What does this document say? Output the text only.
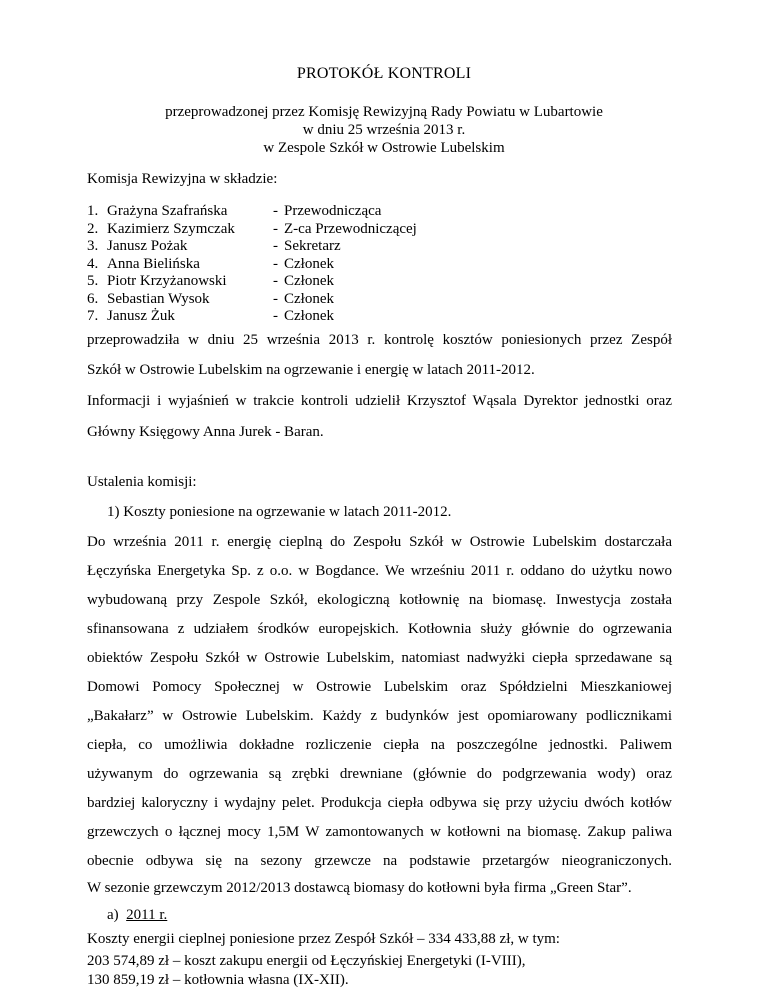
PROTOKÓŁ KONTROLI
przeprowadzonej przez Komisję Rewizyjną Rady Powiatu w Lubartowie
w dniu 25 września 2013 r.
w Zespole Szkół w Ostrowie Lubelskim
Komisja Rewizyjna w składzie:
1. Grażyna Szafrańska	- Przewodnicząca
2. Kazimierz Szymczak	- Z-ca Przewodniczącej
3. Janusz Pożak	- Sekretarz
4. Anna Bielińska	- Członek
5. Piotr Krzyżanowski	- Członek
6. Sebastian Wysok	- Członek
7. Janusz Żuk	- Członek
przeprowadziła w dniu 25 września 2013 r. kontrolę kosztów poniesionych przez Zespół
Szkół w Ostrowie Lubelskim na ogrzewanie i energię w latach 2011-2012.
Informacji i wyjaśnień w trakcie kontroli udzielił Krzysztof Wąsala Dyrektor jednostki oraz
Główny Księgowy Anna Jurek - Baran.
Ustalenia komisji:
1) Koszty poniesione na ogrzewanie w latach 2011-2012.
Do września 2011 r. energię cieplną do Zespołu Szkół w Ostrowie Lubelskim dostarczała
Łęczyńska Energetyka Sp. z o.o. w Bogdance. We wrześniu 2011 r. oddano do użytku nowo
wybudowaną przy Zespole Szkół, ekologiczną kotłownię na biomasę. Inwestycja została
sfinansowana z udziałem środków europejskich. Kotłownia służy głównie do ogrzewania
obiektów Zespołu Szkół w Ostrowie Lubelskim, natomiast nadwyżki ciepła sprzedawane są
Domowi Pomocy Społecznej w Ostrowie Lubelskim oraz Spółdzielni Mieszkaniowej
„Bakałarz” w Ostrowie Lubelskim. Każdy z budynków jest opomiarowany podlicznikami
ciepła, co umożliwia dokładne rozliczenie ciepła na poszczególne jednostki. Paliwem
używanym do ogrzewania są zrębki drewniane (głównie do podgrzewania wody) oraz
bardziej kaloryczny i wydajny pelet. Produkcja ciepła odbywa się przy użyciu dwóch kotłów
grzewczych o łącznej mocy 1,5M W zamontowanych w kotłowni na biomasę. Zakup paliwa
obecnie odbywa się na sezony grzewcze na podstawie przetargów nieograniczonych.
W sezonie grzewczym 2012/2013 dostawcą biomasy do kotłowni była firma „Green Star”.
a) 2011 r.
Koszty energii cieplnej poniesione przez Zespół Szkół – 334 433,88 zł, w tym:
203 574,89 zł – koszt zakupu energii od Łęczyńskiej Energetyki (I-VIII),
130 859,19 zł – kotłownia własna (IX-XII).
